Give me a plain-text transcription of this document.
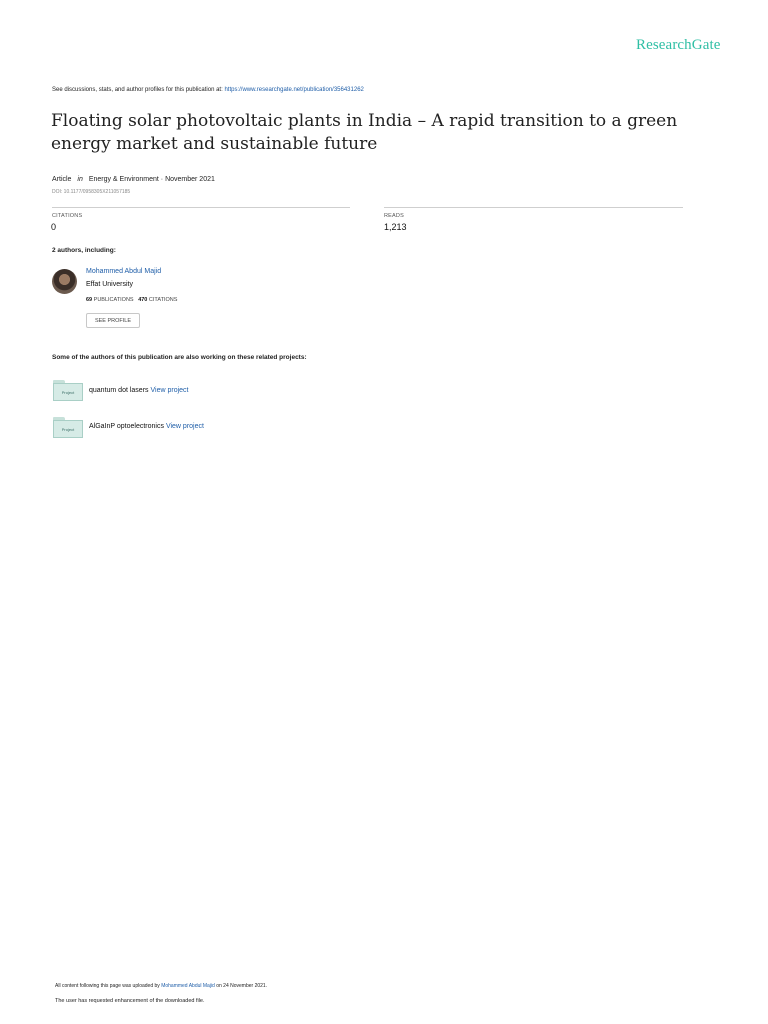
ResearchGate
See discussions, stats, and author profiles for this publication at: https://www.researchgate.net/publication/356431262
Floating solar photovoltaic plants in India – A rapid transition to a green energy market and sustainable future
Article in Energy & Environment · November 2021
DOI: 10.1177/0958305X211057185
CITATIONS
0
READS
1,213
2 authors, including:
Mohammed Abdul Majid
Effat University
69 PUBLICATIONS 470 CITATIONS
SEE PROFILE
Some of the authors of this publication are also working on these related projects:
Project	quantum dot lasers View project
Project	AlGaInP optoelectronics View project
All content following this page was uploaded by Mohammed Abdul Majid on 24 November 2021.
The user has requested enhancement of the downloaded file.
